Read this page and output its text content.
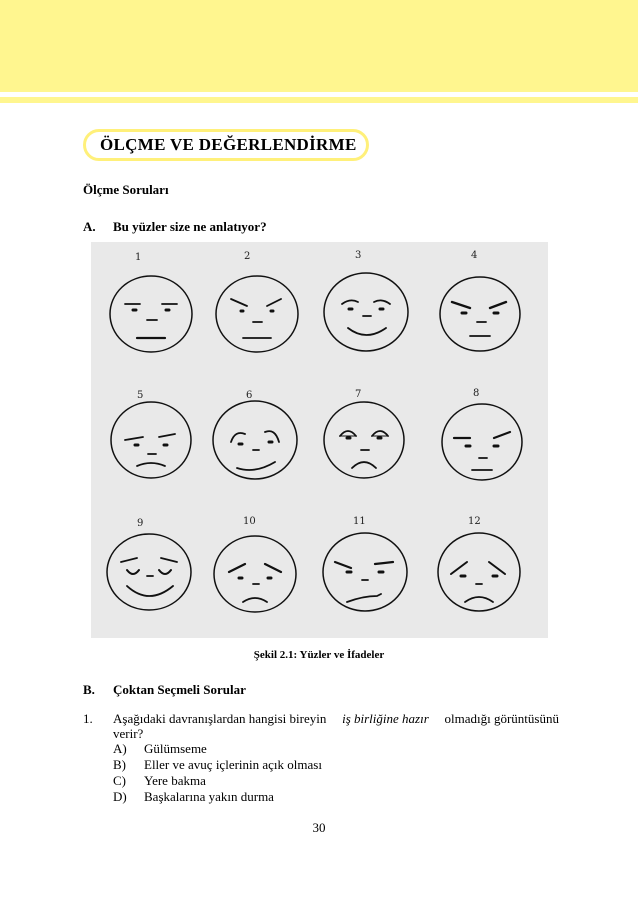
ÖLÇME VE DEĞERLENDİRME
Ölçme Soruları
A. Bu yüzler size ne anlatıyor?
1	2	3	4
5	6	7	8
9	10	11	12
Şekil 2.1: Yüzler ve İfadeler
B. Çoktan Seçmeli Sorular
1. Aşağıdaki davranışlardan hangisi bireyin iş birliğine hazır olmadığı görüntüsünü
verir?
A)	Gülümseme
B)	Eller ve avuç içlerinin açık olması
C)	Yere bakma
D)	Başkalarına yakın durma
30
